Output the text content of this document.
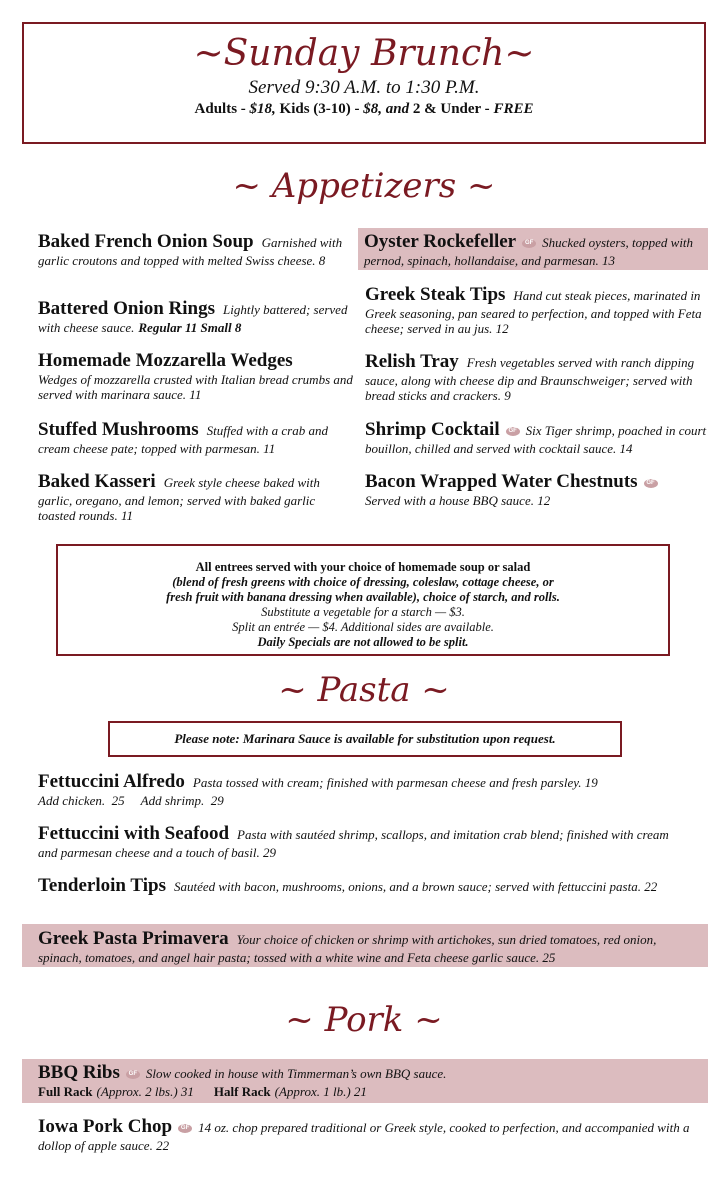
~Sunday Brunch~
Served 9:30 A.M. to 1:30 P.M.
Adults - $18, Kids (3-10) - $8, and 2 & Under - FREE
~ Appetizers ~
Baked French Onion Soup Garnished with garlic croutons and topped with melted Swiss cheese. 8
Battered Onion Rings Lightly battered; served with cheese sauce. Regular 11 Small 8
Homemade Mozzarella Wedges
Wedges of mozzarella crusted with Italian bread crumbs and served with marinara sauce. 11
Stuffed Mushrooms Stuffed with a crab and cream cheese pate; topped with parmesan. 11
Baked Kasseri Greek style cheese baked with garlic, oregano, and lemon; served with baked garlic toasted rounds. 11
Oyster Rockefeller GF Shucked oysters, topped with pernod, spinach, hollandaise, and parmesan. 13
Greek Steak Tips Hand cut steak pieces, marinated in Greek seasoning, pan seared to perfection, and topped with Feta cheese; served in au jus. 12
Relish Tray Fresh vegetables served with ranch dipping sauce, along with cheese dip and Braunschweiger; served with bread sticks and crackers. 9
Shrimp Cocktail GF Six Tiger shrimp, poached in court bouillon, chilled and served with cocktail sauce. 14
Bacon Wrapped Water Chestnuts GF
Served with a house BBQ sauce. 12
All entrees served with your choice of homemade soup or salad
(blend of fresh greens with choice of dressing, coleslaw, cottage cheese, or
fresh fruit with banana dressing when available), choice of starch, and rolls.
Substitute a vegetable for a starch — $3.
Split an entrée — $4. Additional sides are available.
Daily Specials are not allowed to be split.
~ Pasta ~
Please note: Marinara Sauce is available for substitution upon request.
Fettuccini Alfredo Pasta tossed with cream; finished with parmesan cheese and fresh parsley. 19
Add chicken.  25     Add shrimp.  29
Fettuccini with Seafood Pasta with sautéed shrimp, scallops, and imitation crab blend; finished with cream and parmesan cheese and a touch of basil. 29
Tenderloin Tips Sautéed with bacon, mushrooms, onions, and a brown sauce; served with fettuccini pasta. 22
Greek Pasta Primavera Your choice of chicken or shrimp with artichokes, sun dried tomatoes, red onion, spinach, tomatoes, and angel hair pasta; tossed with a white wine and Feta cheese garlic sauce. 25
~ Pork ~
BBQ Ribs GF Slow cooked in house with Timmerman’s own BBQ sauce.
Full Rack (Approx. 2 lbs.) 31 Half Rack (Approx. 1 lb.) 21
Iowa Pork Chop GF 14 oz. chop prepared traditional or Greek style, cooked to perfection, and accompanied with a dollop of apple sauce. 22
